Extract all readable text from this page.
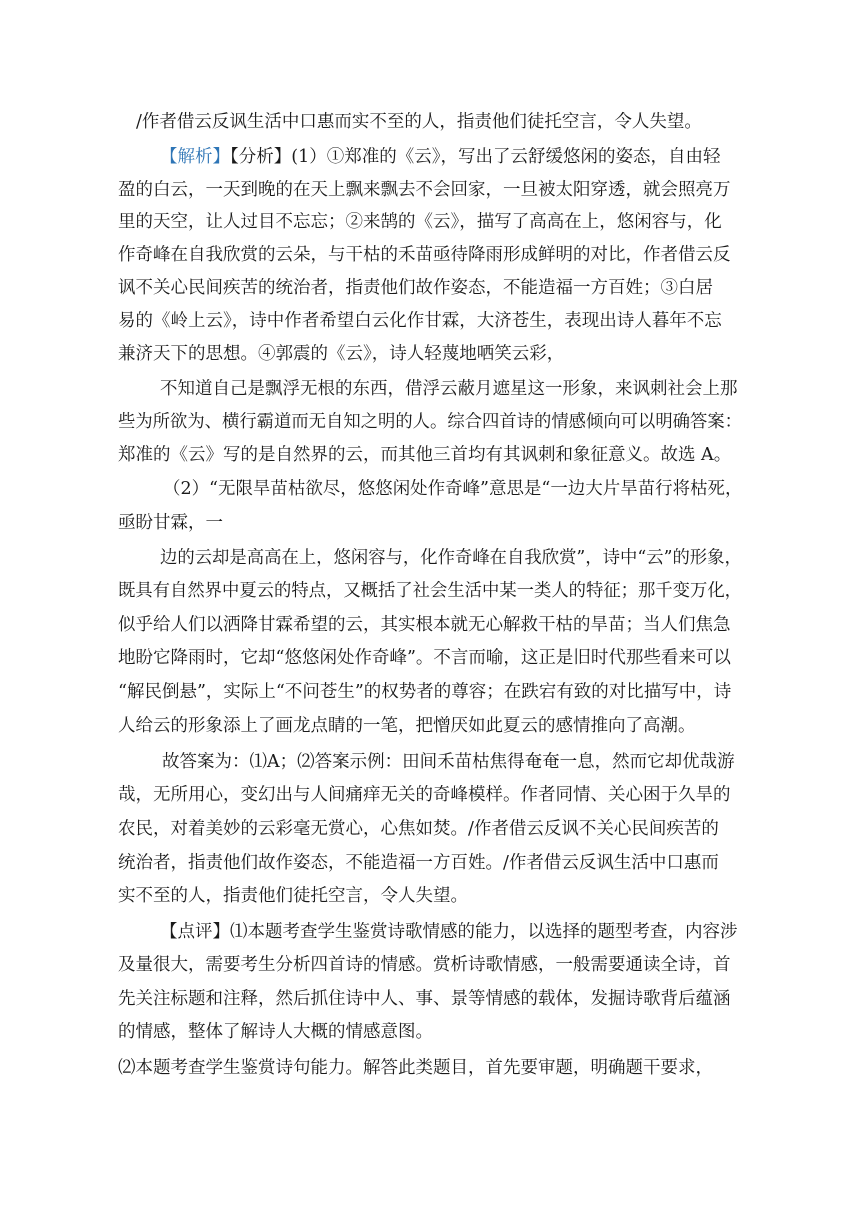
/作者借云反讽生活中口惠而实不至的人，指责他们徒托空言，令人失望。
【解析】【分析】(1）①郑准的《云》，写出了云舒缓悠闲的姿态，自由轻
盈的白云，一天到晚的在天上飘来飘去不会回家，一旦被太阳穿透，就会照亮万
里的天空，让人过目不忘忘；②来鹄的《云》，描写了高高在上，悠闲容与，化
作奇峰在自我欣赏的云朵，与干枯的禾苗亟待降雨形成鲜明的对比，作者借云反
讽不关心民间疾苦的统治者，指责他们故作姿态，不能造福一方百姓；③白居
易的《岭上云》，诗中作者希望白云化作甘霖，大济苍生，表现出诗人暮年不忘
兼济天下的思想。④郭震的《云》，诗人轻蔑地哂笑云彩，
不知道自己是飘浮无根的东西，借浮云蔽月遮星这一形象，来讽刺社会上那
些为所欲为、横行霸道而无自知之明的人。综合四首诗的情感倾向可以明确答案：
郑准的《云》写的是自然界的云，而其他三首均有其讽刺和象征意义。故选 A。
（2）“无限旱苗枯欲尽，悠悠闲处作奇峰”意思是“一边大片旱苗行将枯死，
亟盼甘霖，一
边的云却是高高在上，悠闲容与，化作奇峰在自我欣赏”，诗中“云”的形象，
既具有自然界中夏云的特点，又概括了社会生活中某一类人的特征；那千变万化，
似乎给人们以洒降甘霖希望的云，其实根本就无心解救干枯的旱苗；当人们焦急
地盼它降雨时，它却“悠悠闲处作奇峰”。不言而喻，这正是旧时代那些看来可以
“解民倒悬”，实际上“不问苍生”的权势者的尊容；在跌宕有致的对比描写中，诗
人给云的形象添上了画龙点睛的一笔，把憎厌如此夏云的感情推向了高潮。
故答案为：⑴A；⑵答案示例：田间禾苗枯焦得奄奄一息，然而它却优哉游
哉，无所用心，变幻出与人间痛痒无关的奇峰模样。作者同情、关心困于久旱的
农民，对着美妙的云彩毫无赏心，心焦如焚。/作者借云反讽不关心民间疾苦的
统治者，指责他们故作姿态，不能造福一方百姓。/作者借云反讽生活中口惠而
实不至的人，指责他们徒托空言，令人失望。
【点评】⑴本题考查学生鉴赏诗歌情感的能力，以选择的题型考查，内容涉
及量很大，需要考生分析四首诗的情感。赏析诗歌情感，一般需要通读全诗，首
先关注标题和注释，然后抓住诗中人、事、景等情感的载体，发掘诗歌背后蕴涵
的情感，整体了解诗人大概的情感意图。
⑵本题考查学生鉴赏诗句能力。解答此类题目，首先要审题，明确题干要求，
